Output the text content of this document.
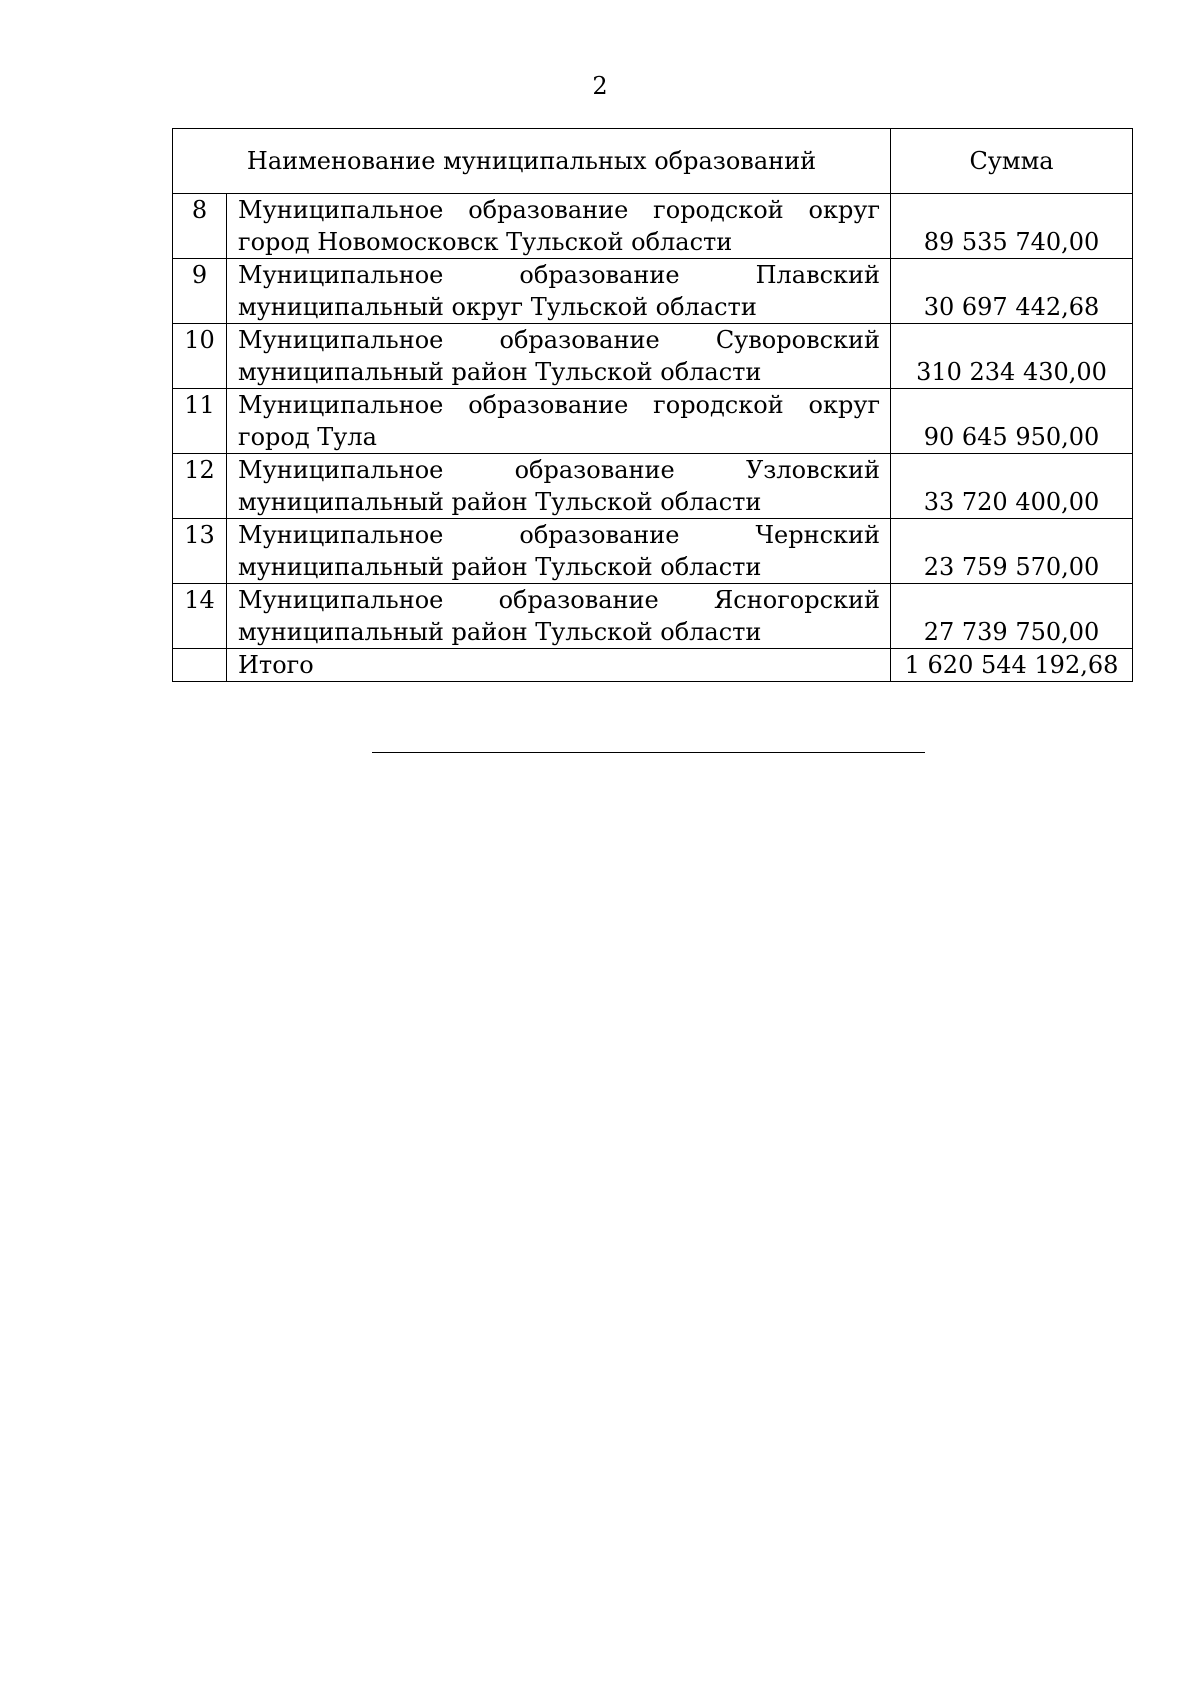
2
Наименование муниципальных образований		Сумма
8	Муниципальное образование городской округ город Новомосковск Тульской области	89 535 740,00
9	Муниципальное образование Плавский муниципальный округ Тульской области	30 697 442,68
10	Муниципальное образование Суворовский муниципальный район Тульской области	310 234 430,00
11	Муниципальное образование городской округ город Тула	90 645 950,00
12	Муниципальное образование Узловский муниципальный район Тульской области	33 720 400,00
13	Муниципальное образование Чернский муниципальный район Тульской области	23 759 570,00
14	Муниципальное образование Ясногорский муниципальный район Тульской области	27 739 750,00
	Итого	1 620 544 192,68
